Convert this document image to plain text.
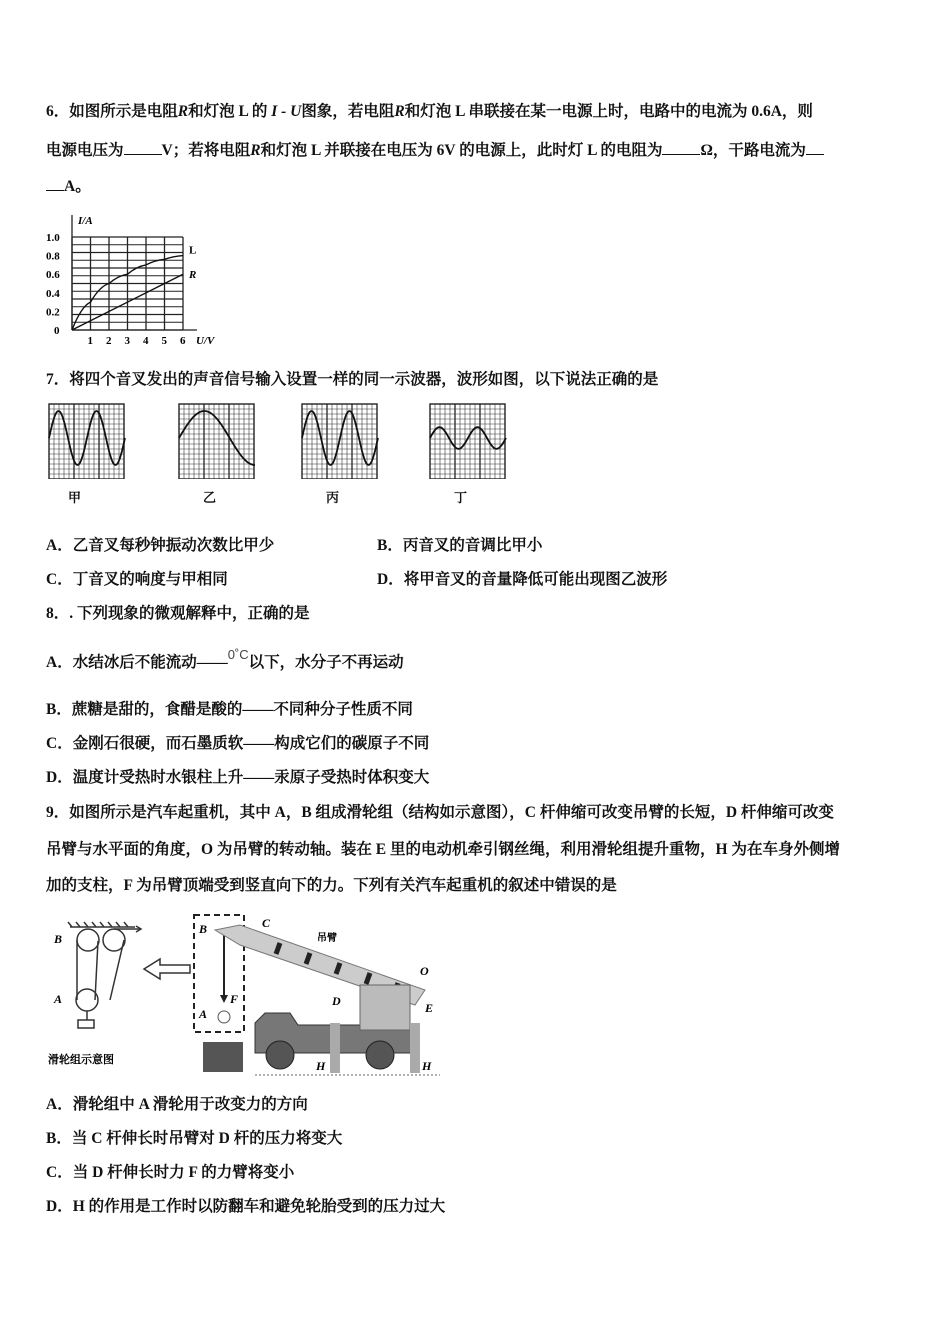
6．如图所示是电阻R和灯泡 L 的 I - U图象，若电阻R和灯泡 L 串联接在某一电源上时，电路中的电流为 0.6A，则
电源电压为 V；若将电阻R和灯泡 L 并联接在电压为 6V 的电源上，此时灯 L 的电阻为 Ω，干路电流为
A。
1 2 3 4 5 6
0
0.2
0.4
0.6
0.8
1.0
U/V
I/A
L
R
7．将四个音叉发出的声音信号输入设置一样的同一示波器，波形如图，以下说法正确的是
甲	乙	丙	丁
A．乙音叉每秒钟振动次数比甲少	B．丙音叉的音调比甲小
C．丁音叉的响度与甲相同	D．将甲音叉的音量降低可能出现图乙波形
8．. 下列现象的微观解释中，正确的是
A．水结冰后不能流动——$^{0˚C}$以下，水分子不再运动
B．蔗糖是甜的，食醋是酸的——不同种分子性质不同
C．金刚石很硬，而石墨质软——构成它们的碳原子不同
D．温度计受热时水银柱上升——汞原子受热时体积变大
9．如图所示是汽车起重机，其中 A，B 组成滑轮组（结构如示意图），C 杆伸缩可改变吊臂的长短，D 杆伸缩可改变
吊臂与水平面的角度，O 为吊臂的转动轴。装在 E 里的电动机牵引钢丝绳，利用滑轮组提升重物，H 为在车身外侧增
加的支柱，F 为吊臂顶端受到竖直向下的力。下列有关汽车起重机的叙述中错误的是
B
A
滑轮组示意图
B
A
F
C
吊臂
O
D	E
H	H
A．滑轮组中 A 滑轮用于改变力的方向
B．当 C 杆伸长时吊臂对 D 杆的压力将变大
C．当 D 杆伸长时力 F 的力臂将变小
D．H 的作用是工作时以防翻车和避免轮胎受到的压力过大
